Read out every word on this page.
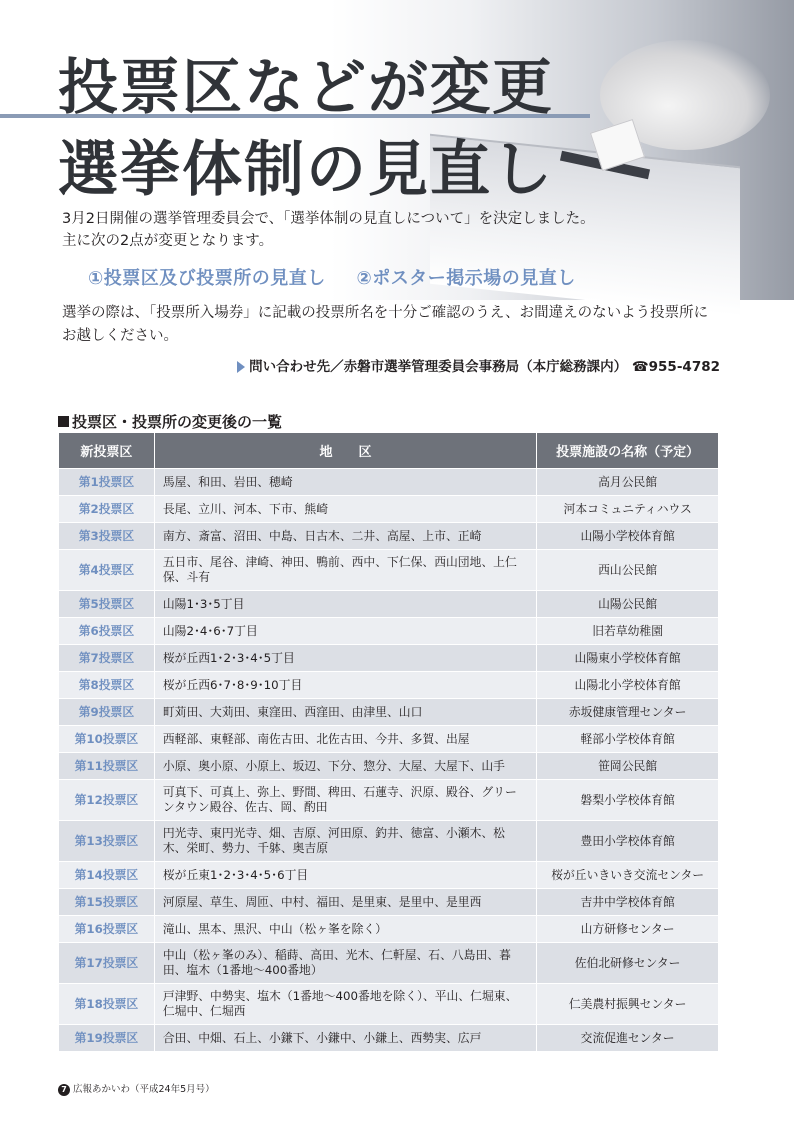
投票区などが変更
選挙体制の見直し
3月2日開催の選挙管理委員会で、「選挙体制の見直しについて」を決定しました。
主に次の2点が変更となります。
①投票区及び投票所の見直し ②ポスター掲示場の見直し
選挙の際は、「投票所入場券」に記載の投票所名を十分ご確認のうえ、お間違えのないよう投票所に
お越しください。
問い合わせ先／赤磐市選挙管理委員会事務局（本庁総務課内） ☎955-4782
投票区・投票所の変更後の一覧
新投票区	地　　区	投票施設の名称（予定）
第1投票区	馬屋、和田、岩田、穂崎	高月公民館
第2投票区	長尾、立川、河本、下市、熊崎	河本コミュニティハウス
第3投票区	南方、斎富、沼田、中島、日古木、二井、高屋、上市、正崎	山陽小学校体育館
第4投票区	五日市、尾谷、津崎、神田、鴨前、西中、下仁保、西山団地、上仁保、斗有	西山公民館
第5投票区	山陽1･3･5丁目	山陽公民館
第6投票区	山陽2･4･6･7丁目	旧若草幼稚園
第7投票区	桜が丘西1･2･3･4･5丁目	山陽東小学校体育館
第8投票区	桜が丘西6･7･8･9･10丁目	山陽北小学校体育館
第9投票区	町苅田、大苅田、東窪田、西窪田、由津里、山口	赤坂健康管理センター
第10投票区	西軽部、東軽部、南佐古田、北佐古田、今井、多賀、出屋	軽部小学校体育館
第11投票区	小原、奥小原、小原上、坂辺、下分、惣分、大屋、大屋下、山手	笹岡公民館
第12投票区	可真下、可真上、弥上、野間、稗田、石蓮寺、沢原、殿谷、グリーンタウン殿谷、佐古、岡、酌田	磐梨小学校体育館
第13投票区	円光寺、東円光寺、畑、吉原、河田原、釣井、徳富、小瀬木、松木、栄町、勢力、千躰、奥吉原	豊田小学校体育館
第14投票区	桜が丘東1･2･3･4･5･6丁目	桜が丘いきいき交流センター
第15投票区	河原屋、草生、周匝、中村、福田、是里東、是里中、是里西	吉井中学校体育館
第16投票区	滝山、黒本、黒沢、中山（松ヶ峯を除く）	山方研修センター
第17投票区	中山（松ヶ峯のみ）、稲蒔、高田、光木、仁軒屋、石、八島田、暮田、塩木（1番地〜400番地）	佐伯北研修センター
第18投票区	戸津野、中勢実、塩木（1番地〜400番地を除く）、平山、仁堀東、仁堀中、仁堀西	仁美農村振興センター
第19投票区	合田、中畑、石上、小鎌下、小鎌中、小鎌上、西勢実、広戸	交流促進センター
7 広報あかいわ（平成24年5月号）
